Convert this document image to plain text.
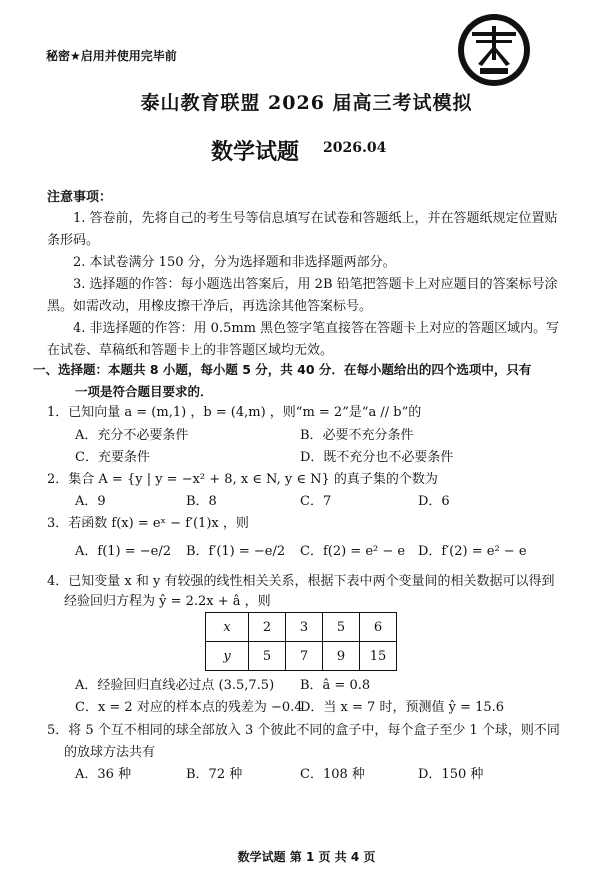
秘密★启用并使用完毕前
泰山教育联盟 2026 届高三考试模拟
数学试题 2026.04
注意事项：
1. 答卷前，先将自己的考生号等信息填写在试卷和答题纸上，并在答题纸规定位置贴条形码。
2. 本试卷满分 150 分，分为选择题和非选择题两部分。
3. 选择题的作答：每小题选出答案后，用 2B 铅笔把答题卡上对应题目的答案标号涂黑。如需改动，用橡皮擦干净后，再选涂其他答案标号。
4. 非选择题的作答：用 0.5mm 黑色签字笔直接答在答题卡上对应的答题区域内。写在试卷、草稿纸和答题卡上的非答题区域均无效。
一、选择题：本题共 8 小题，每小题 5 分，共 40 分．在每小题给出的四个选项中，只有
一项是符合题目要求的．
1．已知向量 a = (m,1) ，b = (4,m) ，则“m = 2”是“a // b”的
A．充分不必要条件	B．必要不充分条件
C．充要条件	D．既不充分也不必要条件
2．集合 A = {y | y = −x² + 8, x ∈ N, y ∈ N} 的真子集的个数为
A．9	B．8	C．7	D．6
3．若函数 f(x) = eˣ − f′(1)x ，则
A．f(1) = −e/2 B．f′(1) = −e/2 C．f(2) = e² − e D．f′(2) = e² − e
4．已知变量 x 和 y 有较强的线性相关关系，根据下表中两个变量间的相关数据可以得到
经验回归方程为 ŷ = 2.2x + â ，则
x	2	3	5	6
y	5	7	9	15
A．经验回归直线必过点 (3.5,7.5) B．â = 0.8
C．x = 2 对应的样本点的残差为 −0.4
D．当 x = 7 时，预测值 ŷ = 15.6
5．将 5 个互不相同的球全部放入 3 个彼此不同的盒子中，每个盒子至少 1 个球，则不同
的放球方法共有
A．36 种	B．72 种	C．108 种	D．150 种
数学试题 第 1 页 共 4 页
